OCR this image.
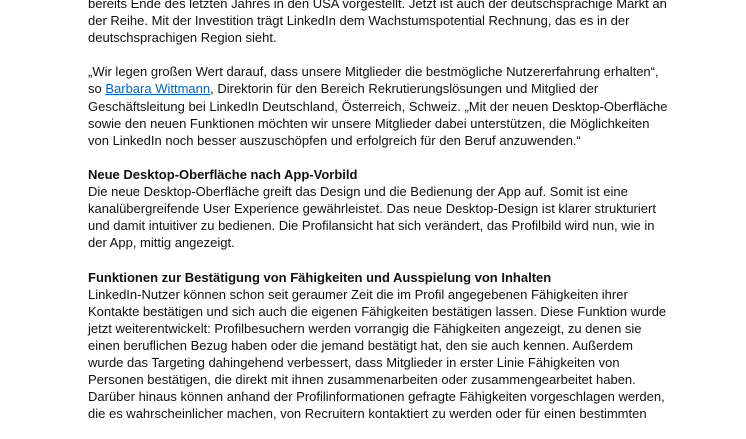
bereits Ende des letzten Jahres in den USA vorgestellt. Jetzt ist auch der deutschsprachige Markt an
der Reihe. Mit der Investition trägt LinkedIn dem Wachstumspotential Rechnung, das es in der
deutschsprachigen Region sieht.

„Wir legen großen Wert darauf, dass unsere Mitglieder die bestmögliche Nutzererfahrung erhalten“,
so Barbara Wittmann, Direktorin für den Bereich Rekrutierungslösungen und Mitglied der
Geschäftsleitung bei LinkedIn Deutschland, Österreich, Schweiz. „Mit der neuen Desktop-Oberfläche
sowie den neuen Funktionen möchten wir unsere Mitglieder dabei unterstützen, die Möglichkeiten
von LinkedIn noch besser auszuschöpfen und erfolgreich für den Beruf anzuwenden.“

Neue Desktop-Oberfläche nach App-Vorbild
Die neue Desktop-Oberfläche greift das Design und die Bedienung der App auf. Somit ist eine
kanalübergreifende User Experience gewährleistet. Das neue Desktop-Design ist klarer strukturiert
und damit intuitiver zu bedienen. Die Profilansicht hat sich verändert, das Profilbild wird nun, wie in
der App, mittig angezeigt.

Funktionen zur Bestätigung von Fähigkeiten und Ausspielung von Inhalten
LinkedIn-Nutzer können schon seit geraumer Zeit die im Profil angegebenen Fähigkeiten ihrer
Kontakte bestätigen und sich auch die eigenen Fähigkeiten bestätigen lassen. Diese Funktion wurde
jetzt weiterentwickelt: Profilbesuchern werden vorrangig die Fähigkeiten angezeigt, zu denen sie
einen beruflichen Bezug haben oder die jemand bestätigt hat, den sie auch kennen. Außerdem
wurde das Targeting dahingehend verbessert, dass Mitglieder in erster Linie Fähigkeiten von
Personen bestätigen, die direkt mit ihnen zusammenarbeiten oder zusammengearbeitet haben.
Darüber hinaus können anhand der Profilinformationen gefragte Fähigkeiten vorgeschlagen werden,
die es wahrscheinlicher machen, von Recruitern kontaktiert zu werden oder für einen bestimmten
